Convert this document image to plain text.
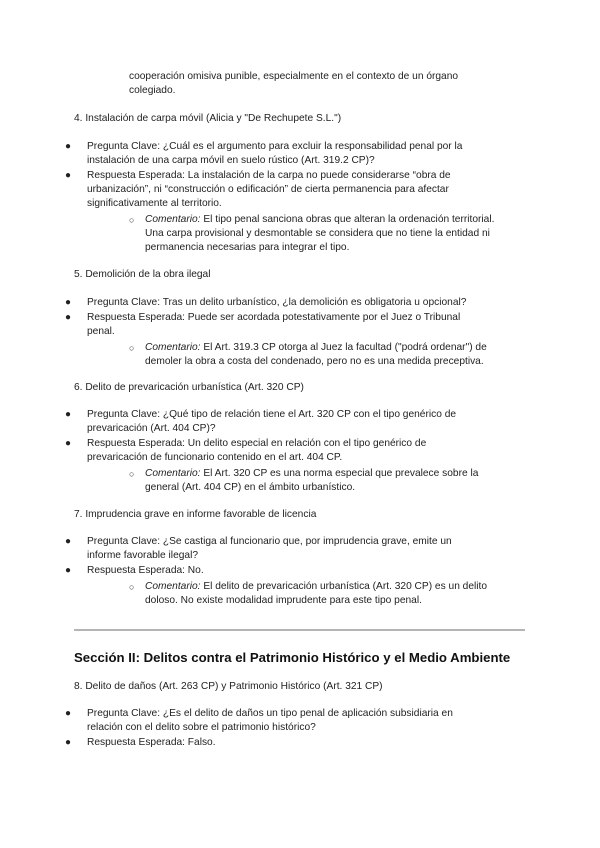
cooperación omisiva punible, especialmente en el contexto de un órgano
colegiado.
4. Instalación de carpa móvil (Alicia y "De Rechupete S.L.")
● Pregunta Clave: ¿Cuál es el argumento para excluir la responsabilidad penal por la
instalación de una carpa móvil en suelo rústico (Art. 319.2 CP)?
● Respuesta Esperada: La instalación de la carpa no puede considerarse “obra de
urbanización”, ni “construcción o edificación” de cierta permanencia para afectar
significativamente al territorio.
○ Comentario: El tipo penal sanciona obras que alteran la ordenación territorial.
Una carpa provisional y desmontable se considera que no tiene la entidad ni
permanencia necesarias para integrar el tipo.
5. Demolición de la obra ilegal
● Pregunta Clave: Tras un delito urbanístico, ¿la demolición es obligatoria u opcional?
● Respuesta Esperada: Puede ser acordada potestativamente por el Juez o Tribunal
penal.
○ Comentario: El Art. 319.3 CP otorga al Juez la facultad ("podrá ordenar") de
demoler la obra a costa del condenado, pero no es una medida preceptiva.
6. Delito de prevaricación urbanística (Art. 320 CP)
● Pregunta Clave: ¿Qué tipo de relación tiene el Art. 320 CP con el tipo genérico de
prevaricación (Art. 404 CP)?
● Respuesta Esperada: Un delito especial en relación con el tipo genérico de
prevaricación de funcionario contenido en el art. 404 CP.
○ Comentario: El Art. 320 CP es una norma especial que prevalece sobre la
general (Art. 404 CP) en el ámbito urbanístico.
7. Imprudencia grave en informe favorable de licencia
● Pregunta Clave: ¿Se castiga al funcionario que, por imprudencia grave, emite un
informe favorable ilegal?
● Respuesta Esperada: No.
○ Comentario: El delito de prevaricación urbanística (Art. 320 CP) es un delito
doloso. No existe modalidad imprudente para este tipo penal.
Sección II: Delitos contra el Patrimonio Histórico y el Medio Ambiente
8. Delito de daños (Art. 263 CP) y Patrimonio Histórico (Art. 321 CP)
● Pregunta Clave: ¿Es el delito de daños un tipo penal de aplicación subsidiaria en
relación con el delito sobre el patrimonio histórico?
● Respuesta Esperada: Falso.
